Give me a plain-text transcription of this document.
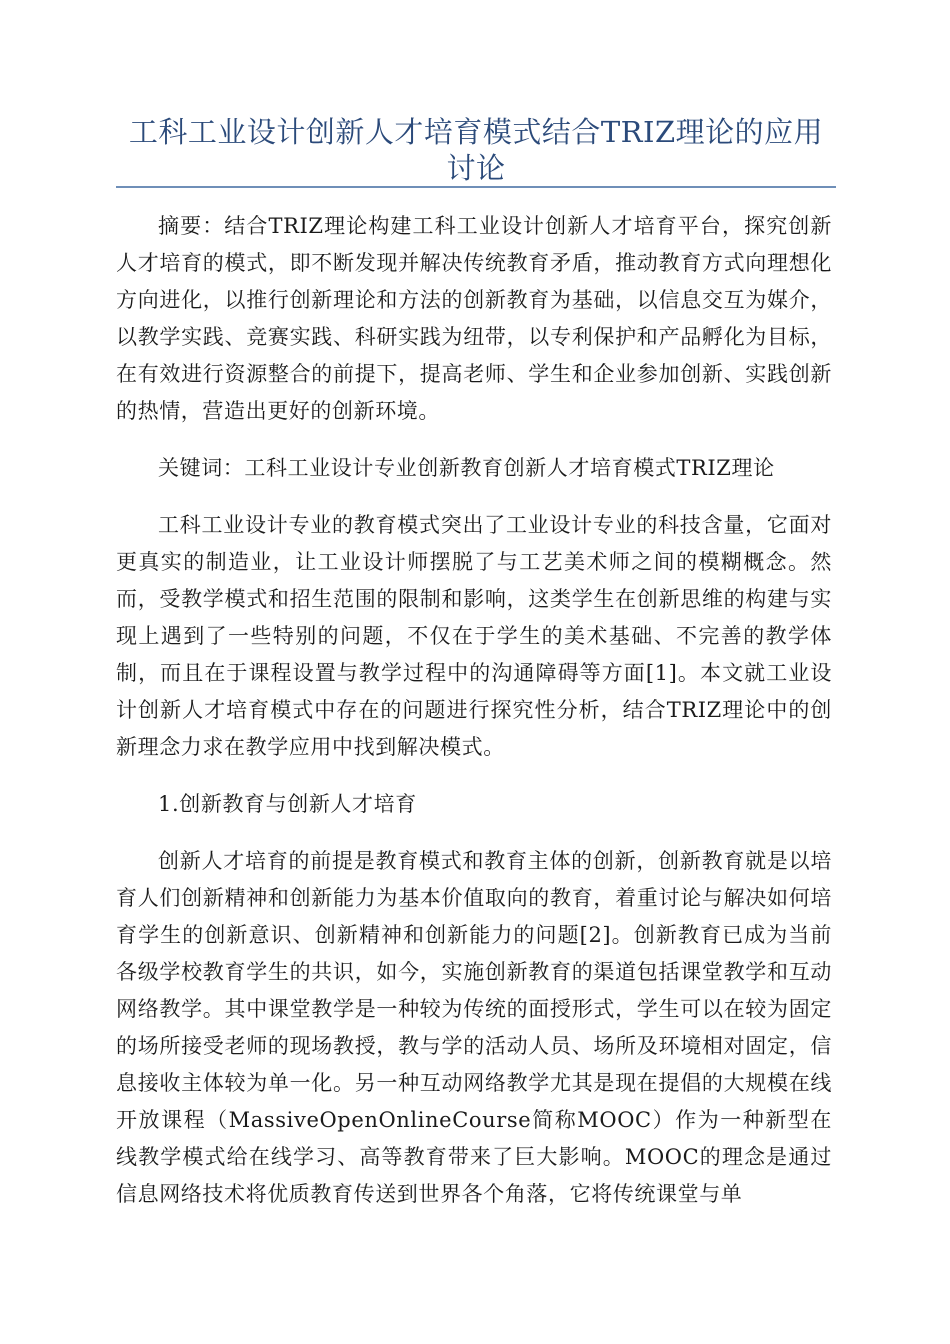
工科工业设计创新人才培育模式结合TRIZ理论的应用讨论

摘要：结合TRIZ理论构建工科工业设计创新人才培育平台，探究创新人才培育的模式，即不断发现并解决传统教育矛盾，推动教育方式向理想化方向进化，以推行创新理论和方法的创新教育为基础，以信息交互为媒介，以教学实践、竞赛实践、科研实践为纽带，以专利保护和产品孵化为目标，在有效进行资源整合的前提下，提高老师、学生和企业参加创新、实践创新的热情，营造出更好的创新环境。

关键词：工科工业设计专业创新教育创新人才培育模式TRIZ理论

工科工业设计专业的教育模式突出了工业设计专业的科技含量，它面对更真实的制造业，让工业设计师摆脱了与工艺美术师之间的模糊概念。然而，受教学模式和招生范围的限制和影响，这类学生在创新思维的构建与实现上遇到了一些特别的问题，不仅在于学生的美术基础、不完善的教学体制，而且在于课程设置与教学过程中的沟通障碍等方面[1]。本文就工业设计创新人才培育模式中存在的问题进行探究性分析，结合TRIZ理论中的创新理念力求在教学应用中找到解决模式。

1.创新教育与创新人才培育

创新人才培育的前提是教育模式和教育主体的创新，创新教育就是以培育人们创新精神和创新能力为基本价值取向的教育，着重讨论与解决如何培育学生的创新意识、创新精神和创新能力的问题[2]。创新教育已成为当前各级学校教育学生的共识，如今，实施创新教育的渠道包括课堂教学和互动网络教学。其中课堂教学是一种较为传统的面授形式，学生可以在较为固定的场所接受老师的现场教授，教与学的活动人员、场所及环境相对固定，信息接收主体较为单一化。另一种互动网络教学尤其是现在提倡的大规模在线开放课程（MassiveOpenOnlineCourse简称MOOC）作为一种新型在线教学模式给在线学习、高等教育带来了巨大影响。MOOC的理念是通过信息网络技术将优质教育传送到世界各个角落，它将传统课堂与单
